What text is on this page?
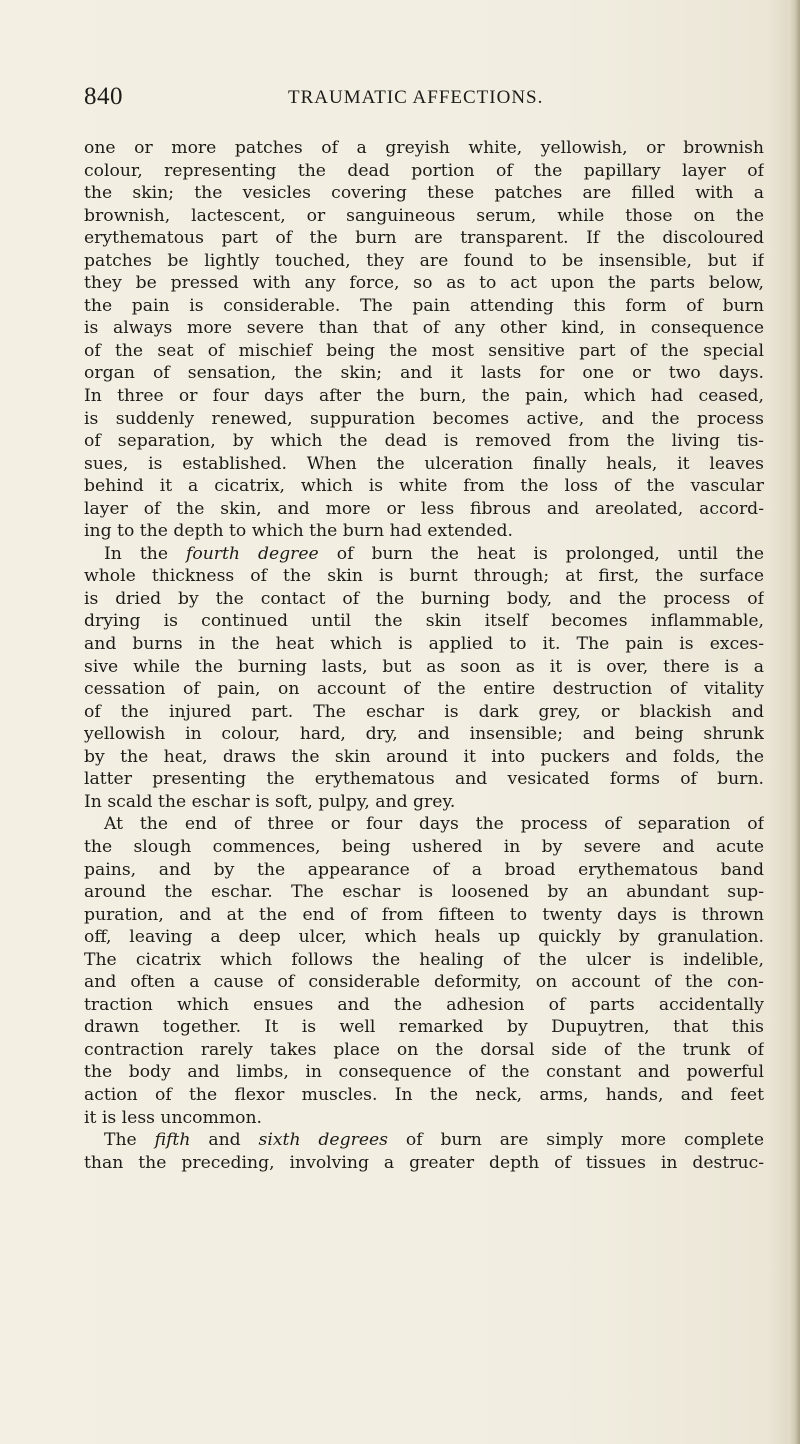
840	TRAUMATIC AFFECTIONS.
one or more patches of a greyish white, yellowish, or brownish
colour, representing the dead portion of the papillary layer of
the skin; the vesicles covering these patches are filled with a
brownish, lactescent, or sanguineous serum, while those on the
erythematous part of the burn are transparent. If the discoloured
patches be lightly touched, they are found to be insensible, but if
they be pressed with any force, so as to act upon the parts below,
the pain is considerable. The pain attending this form of burn
is always more severe than that of any other kind, in consequence
of the seat of mischief being the most sensitive part of the special
organ of sensation, the skin; and it lasts for one or two days.
In three or four days after the burn, the pain, which had ceased,
is suddenly renewed, suppuration becomes active, and the process
of separation, by which the dead is removed from the living tis-
sues, is established. When the ulceration finally heals, it leaves
behind it a cicatrix, which is white from the loss of the vascular
layer of the skin, and more or less fibrous and areolated, accord-
ing to the depth to which the burn had extended.
In the fourth degree of burn the heat is prolonged, until the
whole thickness of the skin is burnt through; at first, the surface
is dried by the contact of the burning body, and the process of
drying is continued until the skin itself becomes inflammable,
and burns in the heat which is applied to it. The pain is exces-
sive while the burning lasts, but as soon as it is over, there is a
cessation of pain, on account of the entire destruction of vitality
of the injured part. The eschar is dark grey, or blackish and
yellowish in colour, hard, dry, and insensible; and being shrunk
by the heat, draws the skin around it into puckers and folds, the
latter presenting the erythematous and vesicated forms of burn.
In scald the eschar is soft, pulpy, and grey.
At the end of three or four days the process of separation of
the slough commences, being ushered in by severe and acute
pains, and by the appearance of a broad erythematous band
around the eschar. The eschar is loosened by an abundant sup-
puration, and at the end of from fifteen to twenty days is thrown
off, leaving a deep ulcer, which heals up quickly by granulation.
The cicatrix which follows the healing of the ulcer is indelible,
and often a cause of considerable deformity, on account of the con-
traction which ensues and the adhesion of parts accidentally
drawn together. It is well remarked by Dupuytren, that this
contraction rarely takes place on the dorsal side of the trunk of
the body and limbs, in consequence of the constant and powerful
action of the flexor muscles. In the neck, arms, hands, and feet
it is less uncommon.
The fifth and sixth degrees of burn are simply more complete
than the preceding, involving a greater depth of tissues in destruc-
